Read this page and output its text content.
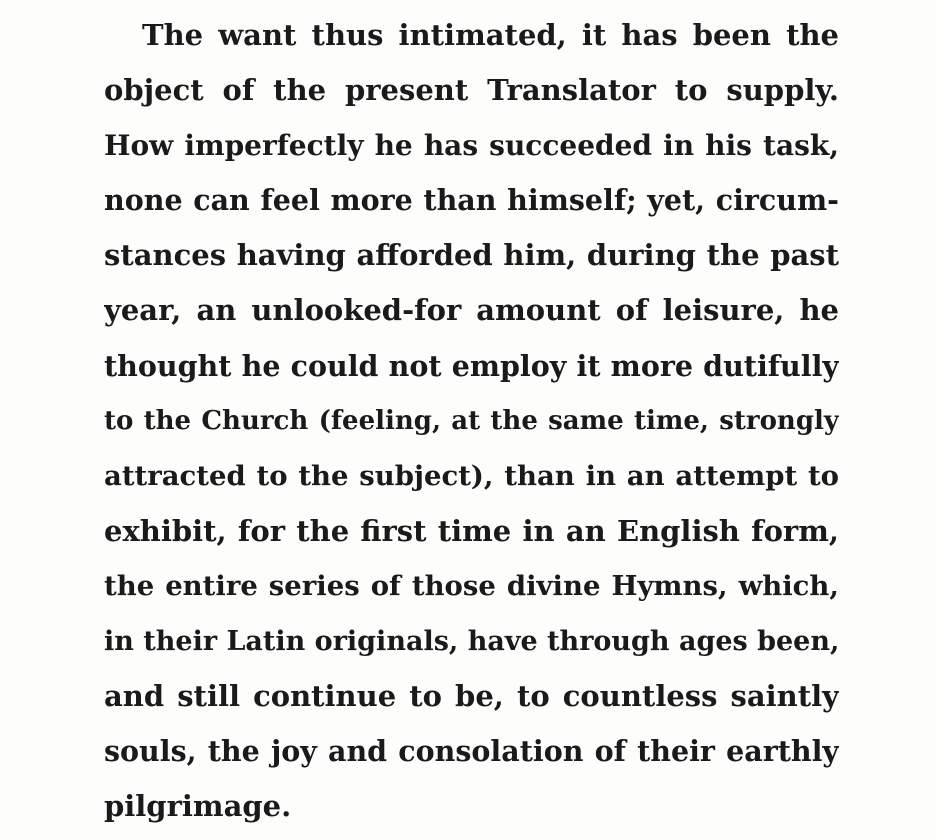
The want thus intimated, it has been the
object of the present Translator to supply.
How imperfectly he has succeeded in his task,
none can feel more than himself; yet, circum-
stances having afforded him, during the past
year, an unlooked-for amount of leisure, he
thought he could not employ it more dutifully
to the Church (feeling, at the same time, strongly
attracted to the subject), than in an attempt to
exhibit, for the first time in an English form,
the entire series of those divine Hymns, which,
in their Latin originals, have through ages been,
and still continue to be, to countless saintly
souls, the joy and consolation of their earthly
pilgrimage.
